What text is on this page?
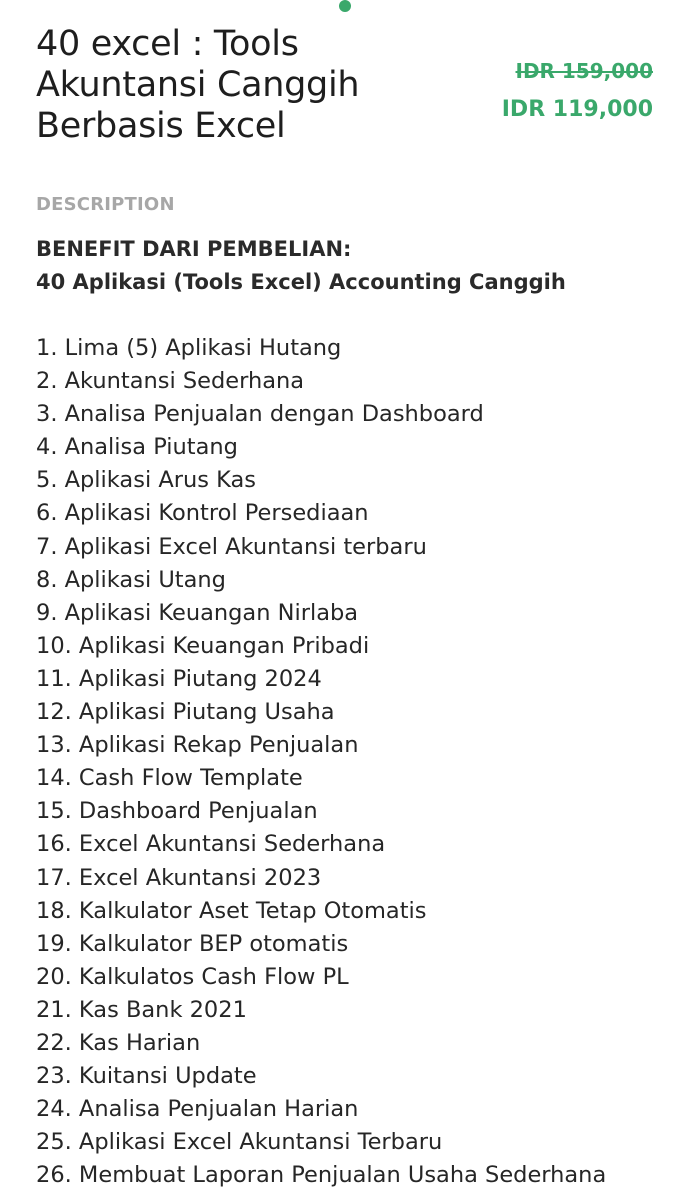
40 excel : Tools Akuntansi Canggih Berbasis Excel
IDR 159,000
IDR 119,000
DESCRIPTION
BENEFIT DARI PEMBELIAN:
40 Aplikasi (Tools Excel) Accounting Canggih
1. Lima (5) Aplikasi Hutang
2. Akuntansi Sederhana
3. Analisa Penjualan dengan Dashboard
4. Analisa Piutang
5. Aplikasi Arus Kas
6. Aplikasi Kontrol Persediaan
7. Aplikasi Excel Akuntansi terbaru
8. Aplikasi Utang
9. Aplikasi Keuangan Nirlaba
10. Aplikasi Keuangan Pribadi
11. Aplikasi Piutang 2024
12. Aplikasi Piutang Usaha
13. Aplikasi Rekap Penjualan
14. Cash Flow Template
15. Dashboard Penjualan
16. Excel Akuntansi Sederhana
17. Excel Akuntansi 2023
18. Kalkulator Aset Tetap Otomatis
19. Kalkulator BEP otomatis
20. Kalkulatos Cash Flow PL
21. Kas Bank 2021
22. Kas Harian
23. Kuitansi Update
24. Analisa Penjualan Harian
25. Aplikasi Excel Akuntansi Terbaru
26. Membuat Laporan Penjualan Usaha Sederhana
